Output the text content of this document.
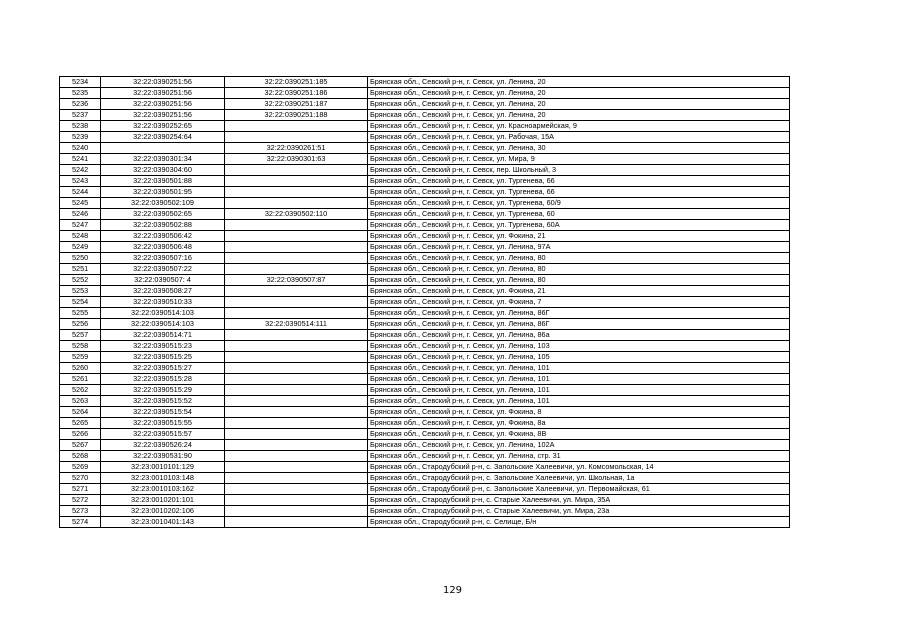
5234	32:22:0390251:56	32:22:0390251:185	Брянская обл., Севский р-н, г. Севск, ул. Ленина, 20
5235	32:22:0390251:56	32:22:0390251:186	Брянская обл., Севский р-н, г. Севск, ул. Ленина, 20
5236	32:22:0390251:56	32:22:0390251:187	Брянская обл., Севский р-н, г. Севск, ул. Ленина, 20
5237	32:22:0390251:56	32:22:0390251:188	Брянская обл., Севский р-н, г. Севск, ул. Ленина, 20
5238	32:22:0390252:65		Брянская обл., Севский р-н, г. Севск, ул. Красноармейская, 9
5239	32:22:0390254:64		Брянская обл., Севский р-н, г. Севск, ул. Рабочая, 15А
5240		32:22:0390261:51	Брянская обл., Севский р-н, г. Севск, ул. Ленина, 30
5241	32:22:0390301:34	32:22:0390301:63	Брянская обл., Севский р-н, г. Севск, ул. Мира, 9
5242	32:22:0390304:60		Брянская обл., Севский р-н, г. Севск, пер. Школьный, 3
5243	32:22:0390501:88		Брянская обл., Севский р-н, г. Севск, ул. Тургенева, 66
5244	32:22:0390501:95		Брянская обл., Севский р-н, г. Севск, ул. Тургенева, 66
5245	32:22:0390502:109		Брянская обл., Севский р-н, г. Севск, ул. Тургенева, 60/9
5246	32:22:0390502:65	32:22:0390502:110	Брянская обл., Севский р-н, г. Севск, ул. Тургенева, 60
5247	32:22:0390502:88		Брянская обл., Севский р-н, г. Севск, ул. Тургенева, 60А
5248	32:22:0390506:42		Брянская обл., Севский р-н, г. Севск, ул. Фокина, 21
5249	32:22:0390506:48		Брянская обл., Севский р-н, г. Севск, ул. Ленина, 97А
5250	32:22:0390507:16		Брянская обл., Севский р-н, г. Севск, ул. Ленина, 80
5251	32:22:0390507:22		Брянская обл., Севский р-н, г. Севск, ул. Ленина, 80
5252	32:22:0390507: 4	32:22:0390507:87	Брянская обл., Севский р-н, г. Севск, ул. Ленина, 80
5253	32:22:0390508:27		Брянская обл., Севский р-н, г. Севск, ул. Фокина, 21
5254	32:22:0390510:33		Брянская обл., Севский р-н, г. Севск, ул. Фокина, 7
5255	32:22:0390514:103		Брянская обл., Севский р-н, г. Севск, ул. Ленина, 86Г
5256	32:22:0390514:103	32:22:0390514:111	Брянская обл., Севский р-н, г. Севск, ул. Ленина, 86Г
5257	32:22:0390514:71		Брянская обл., Севский р-н, г. Севск, ул. Ленина, 86а
5258	32:22:0390515:23		Брянская обл., Севский р-н, г. Севск, ул. Ленина, 103
5259	32:22:0390515:25		Брянская обл., Севский р-н, г. Севск, ул. Ленина, 105
5260	32:22:0390515:27		Брянская обл., Севский р-н, г. Севск, ул. Ленина, 101
5261	32:22:0390515:28		Брянская обл., Севский р-н, г. Севск, ул. Ленина, 101
5262	32:22:0390515:29		Брянская обл., Севский р-н, г. Севск, ул. Ленина, 101
5263	32:22:0390515:52		Брянская обл., Севский р-н, г. Севск, ул. Ленина, 101
5264	32:22:0390515:54		Брянская обл., Севский р-н, г. Севск, ул. Фокина, 8
5265	32:22:0390515:55		Брянская обл., Севский р-н, г. Севск, ул. Фокина, 8а
5266	32:22:0390515:57		Брянская обл., Севский р-н, г. Севск, ул. Фокина, 8В
5267	32:22:0390526:24		Брянская обл., Севский р-н, г. Севск, ул. Ленина, 102А
5268	32:22:0390531:90		Брянская обл., Севский р-н, г. Севск, ул. Ленина, стр. 31
5269	32:23:0010101:129		Брянская обл., Стародубский р-н, с. Запольские Халеевичи, ул. Комсомольская, 14
5270	32:23:0010103:148		Брянская обл., Стародубский р-н, с. Запольские Халеевичи, ул. Школьная, 1а
5271	32:23:0010103:162		Брянская обл., Стародубский р-н, с. Запольские Халеевичи, ул. Первомайская, 61
5272	32:23:0010201:101		Брянская обл., Стародубский р-н, с. Старые Халеевичи, ул. Мира, 35А
5273	32:23:0010202:106		Брянская обл., Стародубский р-н, с. Старые Халеевичи, ул. Мира, 23а
5274	32:23:0010401:143		Брянская обл., Стародубский р-н, с. Селище, Б/н
129
